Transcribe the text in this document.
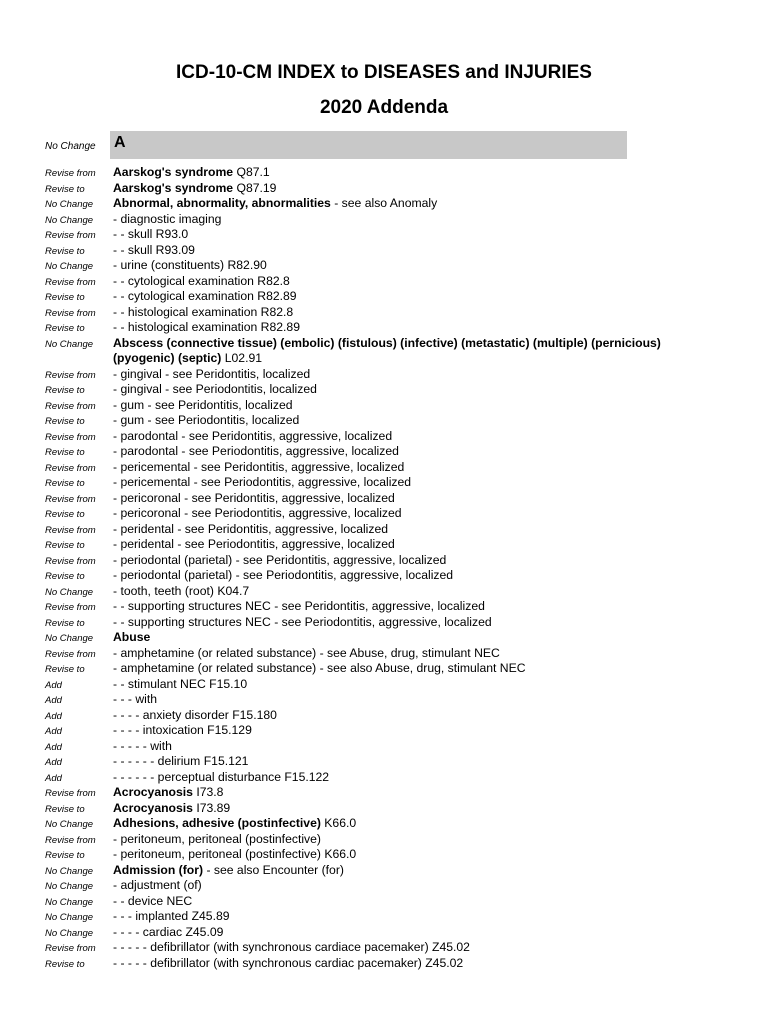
ICD-10-CM INDEX to DISEASES and INJURIES
2020 Addenda
No Change A
Revise from Aarskog's syndrome Q87.1
Revise to Aarskog's syndrome Q87.19
No Change Abnormal, abnormality, abnormalities - see also Anomaly
No Change - diagnostic imaging
Revise from - - skull R93.0
Revise to - - skull R93.09
No Change - urine (constituents) R82.90
Revise from - - cytological examination R82.8
Revise to - - cytological examination R82.89
Revise from - - histological examination R82.8
Revise to - - histological examination R82.89
No Change Abscess (connective tissue) (embolic) (fistulous) (infective) (metastatic) (multiple) (pernicious) (pyogenic) (septic) L02.91
Revise from - gingival - see Peridontitis, localized
Revise to - gingival - see Periodontitis, localized
Revise from - gum - see Peridontitis, localized
Revise to - gum - see Periodontitis, localized
Revise from - parodontal - see Peridontitis, aggressive, localized
Revise to - parodontal - see Periodontitis, aggressive, localized
Revise from - pericemental - see Peridontitis, aggressive, localized
Revise to - pericemental - see Periodontitis, aggressive, localized
Revise from - pericoronal - see Peridontitis, aggressive, localized
Revise to - pericoronal - see Periodontitis, aggressive, localized
Revise from - peridental - see Peridontitis, aggressive, localized
Revise to - peridental - see Periodontitis, aggressive, localized
Revise from - periodontal (parietal) - see Peridontitis, aggressive, localized
Revise to - periodontal (parietal) - see Periodontitis, aggressive, localized
No Change - tooth, teeth (root) K04.7
Revise from - - supporting structures NEC - see Peridontitis, aggressive, localized
Revise to - - supporting structures NEC - see Periodontitis, aggressive, localized
No Change Abuse
Revise from - amphetamine (or related substance) - see Abuse, drug, stimulant NEC
Revise to - amphetamine (or related substance) - see also Abuse, drug, stimulant NEC
Add	- - stimulant NEC F15.10
Add	- - - with
Add	- - - - anxiety disorder F15.180
Add	- - - - intoxication F15.129
Add	- - - - - with
Add	- - - - - - delirium F15.121
Add	- - - - - - perceptual disturbance F15.122
Revise from Acrocyanosis I73.8
Revise to Acrocyanosis I73.89
No Change Adhesions, adhesive (postinfective) K66.0
Revise from - peritoneum, peritoneal (postinfective)
Revise to - peritoneum, peritoneal (postinfective) K66.0
No Change Admission (for) - see also Encounter (for)
No Change - adjustment (of)
No Change - - device NEC
No Change - - - implanted Z45.89
No Change - - - - cardiac Z45.09
Revise from - - - - - defibrillator (with synchronous cardiace pacemaker) Z45.02
Revise to - - - - - defibrillator (with synchronous cardiac pacemaker) Z45.02
